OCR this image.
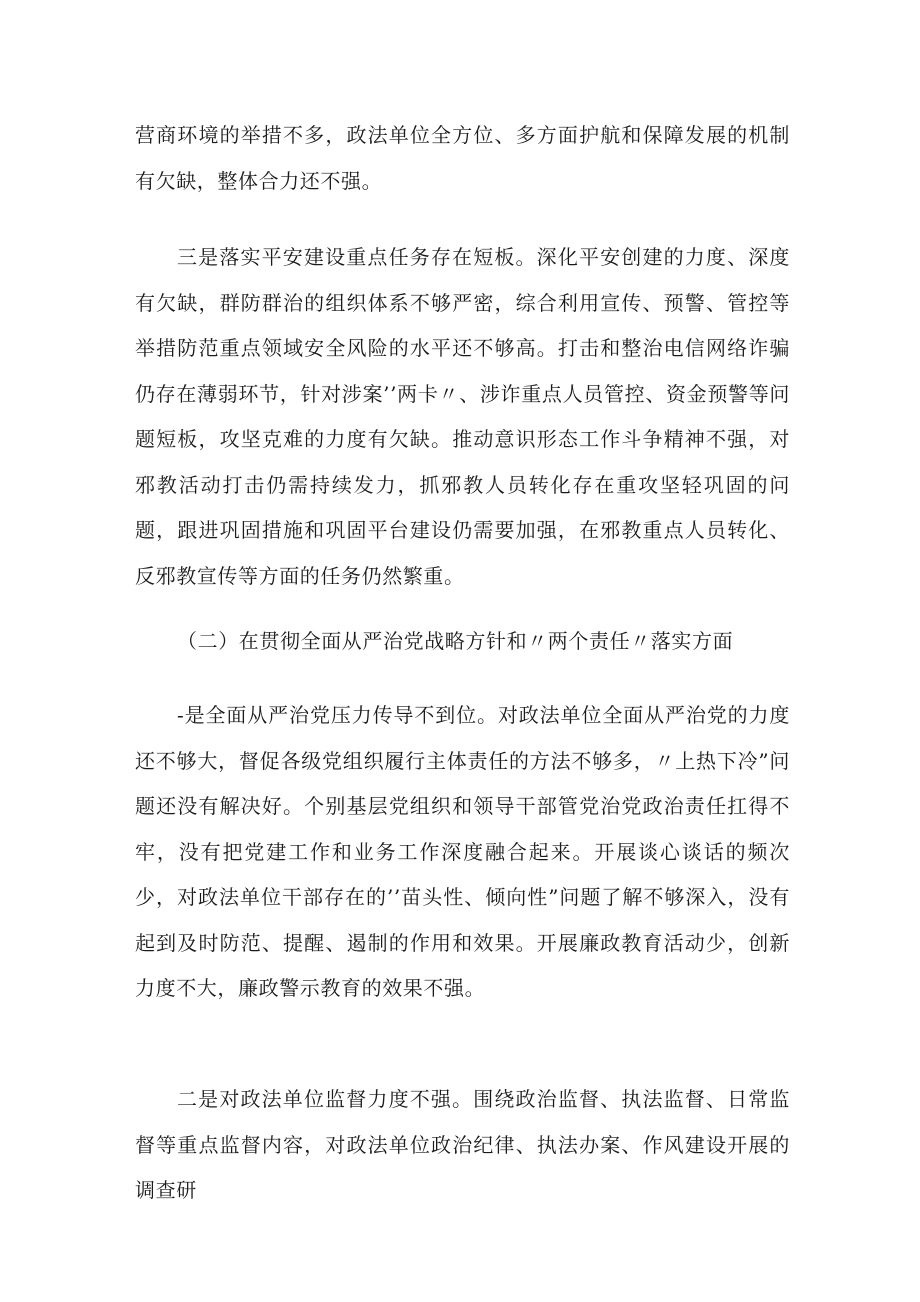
营商环境的举措不多，政法单位全方位、多方面护航和保障发展的机制有欠缺，整体合力还不强。

三是落实平安建设重点任务存在短板。深化平安创建的力度、深度有欠缺，群防群治的组织体系不够严密，综合利用宣传、预警、管控等举措防范重点领域安全风险的水平还不够高。打击和整治电信网络诈骗仍存在薄弱环节，针对涉案’’两卡〃、涉诈重点人员管控、资金预警等问题短板，攻坚克难的力度有欠缺。推动意识形态工作斗争精神不强，对邪教活动打击仍需持续发力，抓邪教人员转化存在重攻坚轻巩固的问题，跟进巩固措施和巩固平台建设仍需要加强，在邪教重点人员转化、反邪教宣传等方面的任务仍然繁重。

（二）在贯彻全面从严治党战略方针和〃两个责任〃落实方面

-是全面从严治党压力传导不到位。对政法单位全面从严治党的力度还不够大，督促各级党组织履行主体责任的方法不够多，〃上热下冷”问题还没有解决好。个别基层党组织和领导干部管党治党政治责任扛得不牢，没有把党建工作和业务工作深度融合起来。开展谈心谈话的频次少，对政法单位干部存在的’’苗头性、倾向性”问题了解不够深入，没有起到及时防范、提醒、遏制的作用和效果。开展廉政教育活动少，创新力度不大，廉政警示教育的效果不强。

二是对政法单位监督力度不强。围绕政治监督、执法监督、日常监督等重点监督内容，对政法单位政治纪律、执法办案、作风建设开展的调查研
